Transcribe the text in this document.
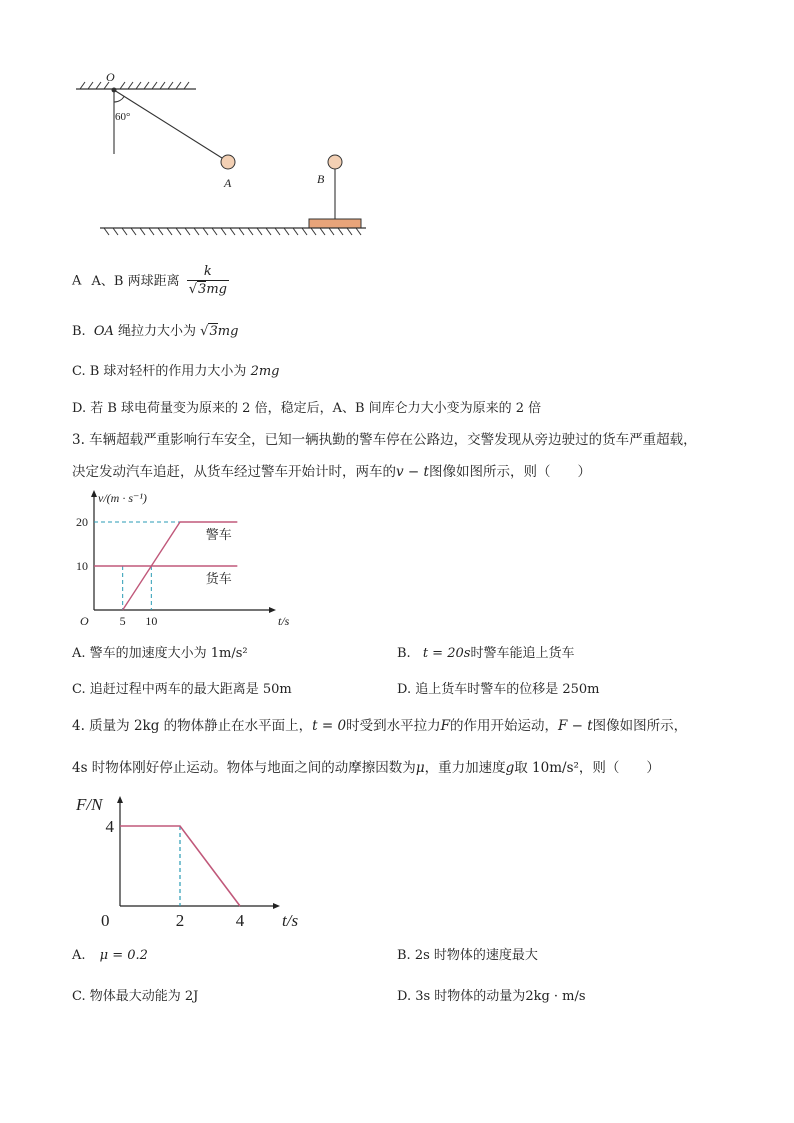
O
60°
A	B
A A、B 两球距离 $\frac{k}{√3mg}$
B. OA 绳拉力大小为 √3mg
C. B 球对轻杆的作用力大小为 2mg
D. 若 B 球电荷量变为原来的 2 倍，稳定后，A、B 间库仑力大小变为原来的 2 倍
3. 车辆超载严重影响行车安全，已知一辆执勤的警车停在公路边，交警发现从旁边驶过的货车严重超载，
决定发动汽车追赶，从货车经过警车开始计时，两车的v − t图像如图所示，则（　　）
v/(m · s⁻¹)
t/s
O
10
20
5 10
警车
货车
A. 警车的加速度大小为 1m/s²	B. t = 20s时警车能追上货车
C. 追赶过程中两车的最大距离是 50m	D. 追上货车时警车的位移是 250m
4. 质量为 2kg 的物体静止在水平面上，t = 0时受到水平拉力F的作用开始运动，F − t图像如图所示，
4s 时物体刚好停止运动。物体与地面之间的动摩擦因数为μ，重力加速度g取 10m/s²，则（　　）
F/N
t/s
0
4
2	4
A. μ = 0.2	B. 2s 时物体的速度最大
C. 物体最大动能为 2J	D. 3s 时物体的动量为2kg · m/s
